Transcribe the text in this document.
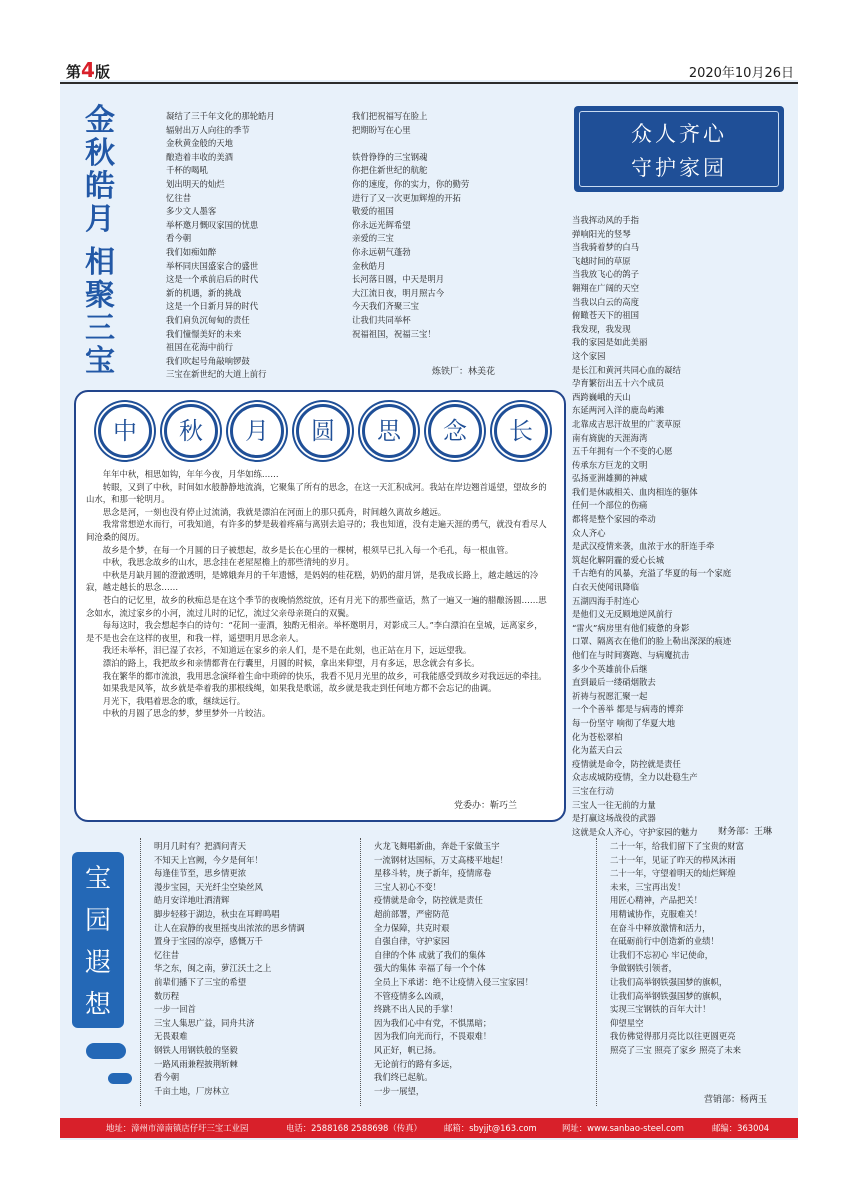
第4版	2020年10月26日
金秋皓月
相聚三宝
凝结了三千年文化的那轮皓月
辐射出万人向往的季节
金秋黄金般的天地
酿造着丰收的美酒
千杯的喝吼
划出明天的灿烂
忆往昔
多少文人墨客
举杯邀月慨叹家国的忧患
看今朝
我们如痴如醉
举杯同庆国盛家合的盛世
这是一个承前启后的时代
新的机遇，新的挑战
这是一个日新月异的时代
我们肩负沉甸甸的责任
我们憧憬美好的未来
祖国在花海中前行
我们吹起号角敲响锣鼓
三宝在新世纪的大道上前行
我们把祝福写在脸上
把期盼写在心里
铁骨铮铮的三宝钢魂
你把住新世纪的航舵
你的速度，你的实力，你的勤劳
进行了又一次更加辉煌的开拓
敬爱的祖国
你永远光辉希望
亲爱的三宝
你永远朝气蓬勃
金秋皓月
长河落日圆，中天是明月
大江流日夜，明月照古今
今天我们齐聚三宝
让我们共同举杯
祝福祖国，祝福三宝！
炼铁厂：林美花
众人齐心
守护家园
当我挥动风的手指
弹响阳光的竖琴
当我骑着梦的白马
飞越时间的草原
当我放飞心的鸽子
翱翔在广阔的天空
当我以白云的高度
俯瞰苍天下的祖国
我发现，我发现
我的家园是如此美丽
这个家园
是长江和黄河共同心血的凝结
孕育繁衍出五十六个成员
西跨巍峨的天山
东延两河入洋的鹿岛屿滩
北靠成吉思汗故里的广袤草原
南有旖旎的天涯海湾
五千年拥有一个不变的心愿
传承东方巨龙的文明
弘扬亚洲雄狮的神威
我们是休戚相关、血肉相连的躯体
任何一个部位的伤痛
都将是整个家园的牵动
众人齐心
是武汉疫情来袭，血浓于水的肝连手牵
筑起化解阴霾的爱心长城
千古绝有的风暴，充溢了华夏的每一个家庭
白衣天使闻讯降临
五湖四海手肘连心
是他们义无反顾地逆风前行
“雷火”病房里有他们疲惫的身影
口罩、隔离衣在他们的脸上勒出深深的痕迹
他们在与时间赛跑、与病魔抗击
多少个英雄前仆后继
直到最后一缕硝烟散去
祈祷与祝愿汇聚一起
一个个善举 都是与病毒的博弈
每一份坚守 响彻了华夏大地
化为苍松翠柏
化为蓝天白云
疫情就是命令，防控就是责任
众志成城防疫情，全力以赴稳生产
三宝在行动
三宝人一往无前的力量
是打赢这场战役的武器
这就是众人齐心，守护家园的魅力	财务部：王琳
中	秋	月	圆	思	念	长

年年中秋，相思如钩，年年今夜，月华如练……

转眼，又到了中秋，时间如水般静静地流淌，它聚集了所有的思念，在这一天汇积成河。我站在岸边翘首遥望，望故乡的山水，和那一轮明月。

思念是河，一刻也没有停止过流淌，我就是漂泊在河面上的那只孤舟，时间越久离故乡越远。

我常常想逆水而行，可我知道，有许多的梦是载着疼痛与离别去追寻的；我也知道，没有走遍天涯的勇气，就没有看尽人间沧桑的阅历。

故乡是个梦，在每一个月圆的日子被想起，故乡是长在心里的一棵树，根须早已扎入每一个毛孔，每一根血管。

中秋，我思念故乡的山水，思念挂在老屋屋檐上的那些清纯的岁月。

中秋是月缺月圆的澄澈透明，是嫦娥奔月的千年遗憾，是妈妈的桂花糕，奶奶的甜月饼，是我成长路上，越走越远的冷寂，越走越长的思念……

苍白的记忆里，故乡的秋痴总是在这个季节的夜晚悄然绽放，还有月光下的那些童话，熬了一遍又一遍的腊酿汤圆……思念如水，流过家乡的小河，流过儿时的记忆，流过父亲母亲斑白的双鬓。

每每这时，我会想起李白的诗句：“花间一壶酒，独酌无相亲。举杯邀明月，对影成三人。”李白漂泊在皇城，远离家乡，是不是也会在这样的夜里，和我一样，遥望明月思念亲人。

我还未举杯，泪已湿了衣衫，不知道远在家乡的亲人们，是不是在此刻，也正站在月下，远远望我。

漂泊的路上，我把故乡和亲情都背在行囊里，月圆的时候，拿出来仰望，月有多远，思念就会有多长。

我在繁华的都市流浪，我用思念演绎着生命中琐碎的快乐，我看不见月光里的故乡，可我能感受到故乡对我远远的牵挂。

如果我是风筝，故乡就是牵着我的那根线绳，如果我是歌谣，故乡就是我走到任何地方都不会忘记的曲调。

月光下，我唱着思念的歌，继续远行。

中秋的月圆了思念的梦，梦里梦外一片皎洁。

党委办：靳巧兰
宝
园
遐
想
明月几时有？把酒问青天
不知天上宫阙，今夕是何年！
每逢佳节至，思乡情更浓
漫步宝园，天光纤尘空染丝风
皓月安详地吐洒清辉
脚步轻移于湖边，秋虫在耳畔鸣唱
让人在寂静的夜里摇曳出浓浓的思乡情调
置身于宝园的凉亭，感慨万千
忆往昔
华之东，闽之南，萝江沃土之上
前辈们播下了三宝的希望
数历程
一步一回首
三宝人集思广益，同舟共济
无畏艰难
钢铁人用钢铁般的坚毅
一路风雨兼程披荆斩棘
看今朝
千亩土地，厂房林立
火龙飞舞唱新曲，奔赴千家做玉宇
一流钢材达国标，万丈高楼平地起！
星移斗转，庚子新年，疫情席卷
三宝人初心不变！
疫情就是命令，防控就是责任
超前部署，严密防范
全力保障，共克时艰
自强自律，守护家园
自律的个体 成就了我们的集体
强大的集体 幸福了每一个个体
全员上下承诺：绝不让疫情入侵三宝家园！
不管疫情多么凶顽，
终跳不出人民的手掌！
因为我们心中有党，不惧黑暗；
因为我们向光而行，不畏艰难！
风正好，帆已扬。
无论前行的路有多远，
我们终已起航。
一步一展望，
二十一年，给我们留下了宝贵的财富
二十一年，见证了昨天的栉风沐雨
二十一年，守望着明天的灿烂辉煌
未来，三宝再出发！
用匠心精神，产品把关！
用精诚协作，克服难关！
在奋斗中释放激情和活力，
在砥砺前行中创造新的业绩！
让我们不忘初心 牢记使命，
争做钢铁引领者，
让我们高举钢铁强国梦的旗帜，
让我们高举钢铁强国梦的旗帜，
实现三宝钢铁的百年大计！
仰望星空
我仿佛觉得那月亮比以往更圆更亮
照亮了三宝 照亮了家乡 照亮了未来
营销部：杨两玉
地址：漳州市漳南镇店仔圩三宝工业园	电话：2588168 2588698（传真）	邮箱：sbyjjt@163.com	网址：www.sanbao-steel.com	邮编：363004
